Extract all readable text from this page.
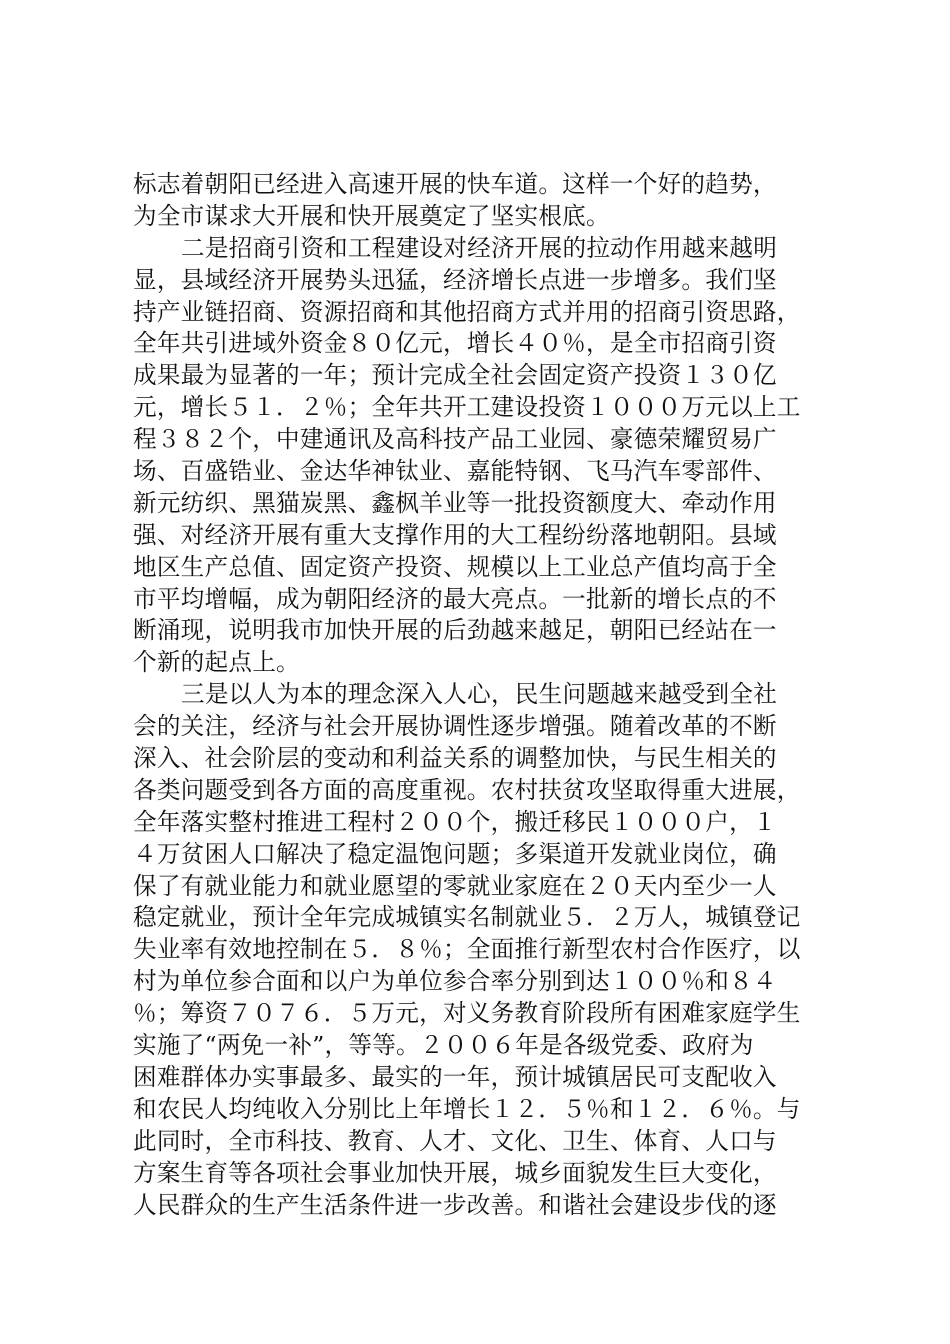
标志着朝阳已经进入高速开展的快车道。这样一个好的趋势，
为全市谋求大开展和快开展奠定了坚实根底。
二是招商引资和工程建设对经济开展的拉动作用越来越明
显，县域经济开展势头迅猛，经济增长点进一步增多。我们坚
持产业链招商、资源招商和其他招商方式并用的招商引资思路，
全年共引进域外资金８０亿元，增长４０％，是全市招商引资
成果最为显著的一年；预计完成全社会固定资产投资１３０亿
元，增长５１．２％；全年共开工建设投资１０００万元以上工
程３８２个，中建通讯及高科技产品工业园、豪德荣耀贸易广
场、百盛锆业、金达华神钛业、嘉能特钢、飞马汽车零部件、
新元纺织、黑猫炭黑、鑫枫羊业等一批投资额度大、牵动作用
强、对经济开展有重大支撑作用的大工程纷纷落地朝阳。县域
地区生产总值、固定资产投资、规模以上工业总产值均高于全
市平均增幅，成为朝阳经济的最大亮点。一批新的增长点的不
断涌现，说明我市加快开展的后劲越来越足，朝阳已经站在一
个新的起点上。
三是以人为本的理念深入人心，民生问题越来越受到全社
会的关注，经济与社会开展协调性逐步增强。随着改革的不断
深入、社会阶层的变动和利益关系的调整加快，与民生相关的
各类问题受到各方面的高度重视。农村扶贫攻坚取得重大进展，
全年落实整村推进工程村２００个，搬迁移民１０００户，１
４万贫困人口解决了稳定温饱问题；多渠道开发就业岗位，确
保了有就业能力和就业愿望的零就业家庭在２０天内至少一人
稳定就业，预计全年完成城镇实名制就业５．２万人，城镇登记
失业率有效地控制在５．８％；全面推行新型农村合作医疗，以
村为单位参合面和以户为单位参合率分别到达１００％和８４
％；筹资７０７６．５万元，对义务教育阶段所有困难家庭学生
实施了“两免一补”，等等。２００６年是各级党委、政府为
困难群体办实事最多、最实的一年，预计城镇居民可支配收入
和农民人均纯收入分别比上年增长１２．５％和１２．６％。与
此同时，全市科技、教育、人才、文化、卫生、体育、人口与
方案生育等各项社会事业加快开展，城乡面貌发生巨大变化，
人民群众的生产生活条件进一步改善。和谐社会建设步伐的逐
